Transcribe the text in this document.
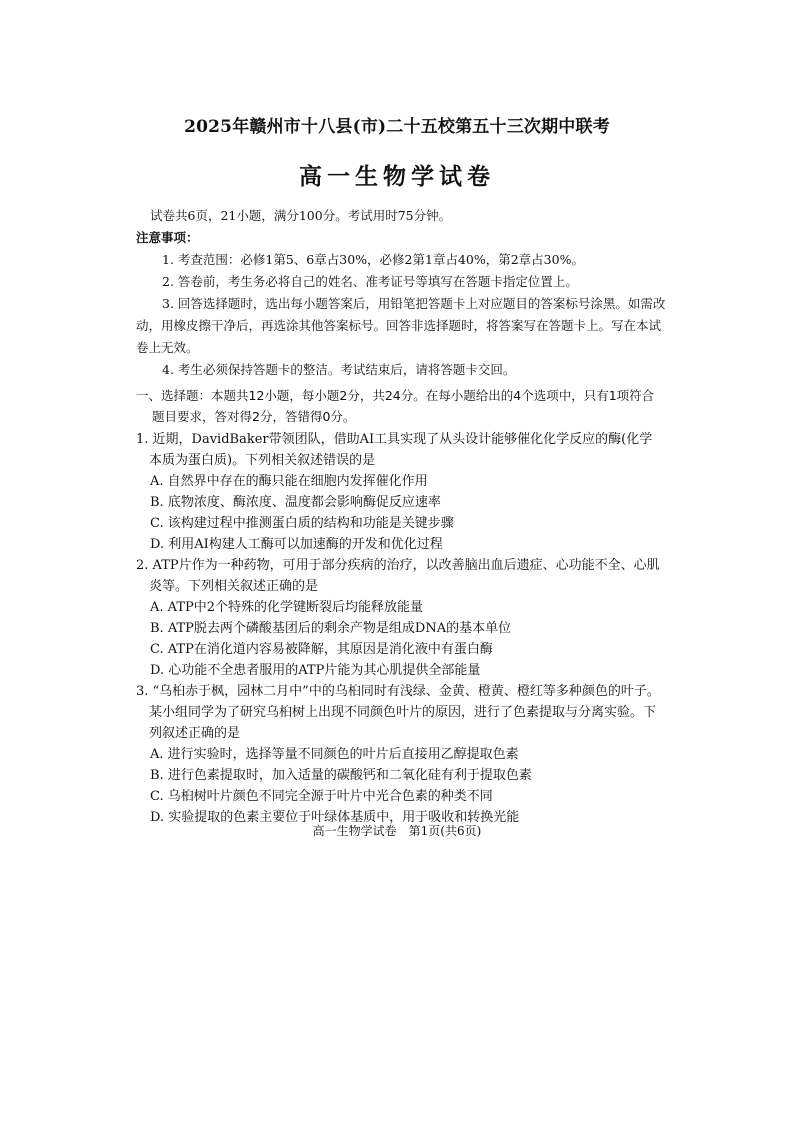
2025年赣州市十八县(市)二十五校第五十三次期中联考
高一生物学试卷
试卷共6页，21小题，满分100分。考试用时75分钟。
注意事项：
1. 考查范围：必修1第5、6章占30%，必修2第1章占40%，第2章占30%。
2. 答卷前，考生务必将自己的姓名、准考证号等填写在答题卡指定位置上。
3. 回答选择题时，选出每小题答案后，用铅笔把答题卡上对应题目的答案标号涂黑。如需改动，用橡皮擦干净后，再选涂其他答案标号。回答非选择题时，将答案写在答题卡上。写在本试卷上无效。
4. 考生必须保持答题卡的整洁。考试结束后，请将答题卡交回。
一、选择题：本题共12小题，每小题2分，共24分。在每小题给出的4个选项中，只有1项符合题目要求，答对得2分，答错得0分。
1. 近期，DavidBaker带领团队，借助AI工具实现了从头设计能够催化化学反应的酶(化学本质为蛋白质)。下列相关叙述错误的是
A. 自然界中存在的酶只能在细胞内发挥催化作用
B. 底物浓度、酶浓度、温度都会影响酶促反应速率
C. 该构建过程中推测蛋白质的结构和功能是关键步骤
D. 利用AI构建人工酶可以加速酶的开发和优化过程
2. ATP片作为一种药物，可用于部分疾病的治疗，以改善脑出血后遗症、心功能不全、心肌炎等。下列相关叙述正确的是
A. ATP中2个特殊的化学键断裂后均能释放能量
B. ATP脱去两个磷酸基团后的剩余产物是组成DNA的基本单位
C. ATP在消化道内容易被降解，其原因是消化液中有蛋白酶
D. 心功能不全患者服用的ATP片能为其心肌提供全部能量
3. “乌桕赤于枫，园林二月中”中的乌桕同时有浅绿、金黄、橙黄、橙红等多种颜色的叶子。某小组同学为了研究乌桕树上出现不同颜色叶片的原因，进行了色素提取与分离实验。下列叙述正确的是
A. 进行实验时，选择等量不同颜色的叶片后直接用乙醇提取色素
B. 进行色素提取时，加入适量的碳酸钙和二氧化硅有利于提取色素
C. 乌桕树叶片颜色不同完全源于叶片中光合色素的种类不同
D. 实验提取的色素主要位于叶绿体基质中，用于吸收和转换光能
高一生物学试卷　第1页(共6页)
